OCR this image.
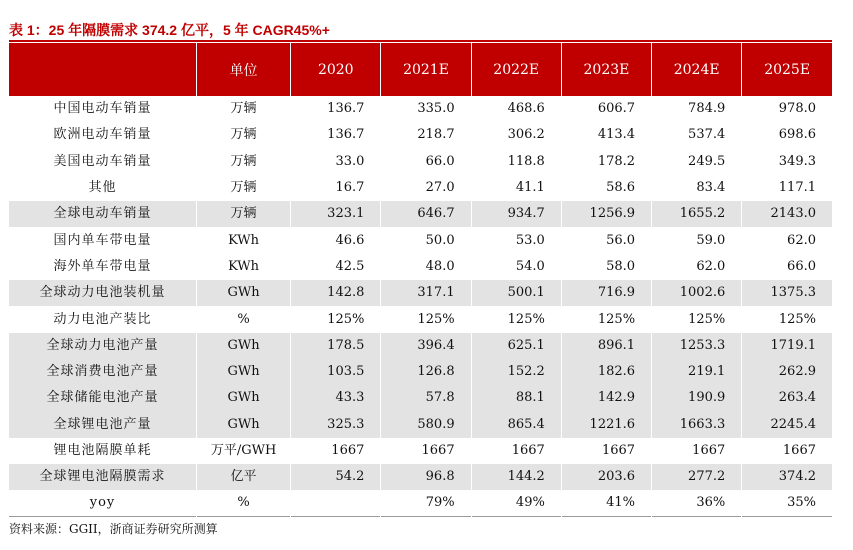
表 1：25 年隔膜需求 374.2 亿平，5 年 CAGR45%+
	单位	2020	2021E	2022E	2023E	2024E	2025E
中国电动车销量	万辆	136.7	335.0	468.6	606.7	784.9	978.0
欧洲电动车销量	万辆	136.7	218.7	306.2	413.4	537.4	698.6
美国电动车销量	万辆	33.0	66.0	118.8	178.2	249.5	349.3
其他	万辆	16.7	27.0	41.1	58.6	83.4	117.1
全球电动车销量	万辆	323.1	646.7	934.7	1256.9	1655.2	2143.0
国内单车带电量	KWh	46.6	50.0	53.0	56.0	59.0	62.0
海外单车带电量	KWh	42.5	48.0	54.0	58.0	62.0	66.0
全球动力电池装机量	GWh	142.8	317.1	500.1	716.9	1002.6	1375.3
动力电池产装比	%	125%	125%	125%	125%	125%	125%
全球动力电池产量	GWh	178.5	396.4	625.1	896.1	1253.3	1719.1
全球消费电池产量	GWh	103.5	126.8	152.2	182.6	219.1	262.9
全球储能电池产量	GWh	43.3	57.8	88.1	142.9	190.9	263.4
全球锂电池产量	GWh	325.3	580.9	865.4	1221.6	1663.3	2245.4
锂电池隔膜单耗	万平/GWH	1667	1667	1667	1667	1667	1667
全球锂电池隔膜需求	亿平	54.2	96.8	144.2	203.6	277.2	374.2
yoy	%		79%	49%	41%	36%	35%
资料来源：GGII，浙商证券研究所测算
